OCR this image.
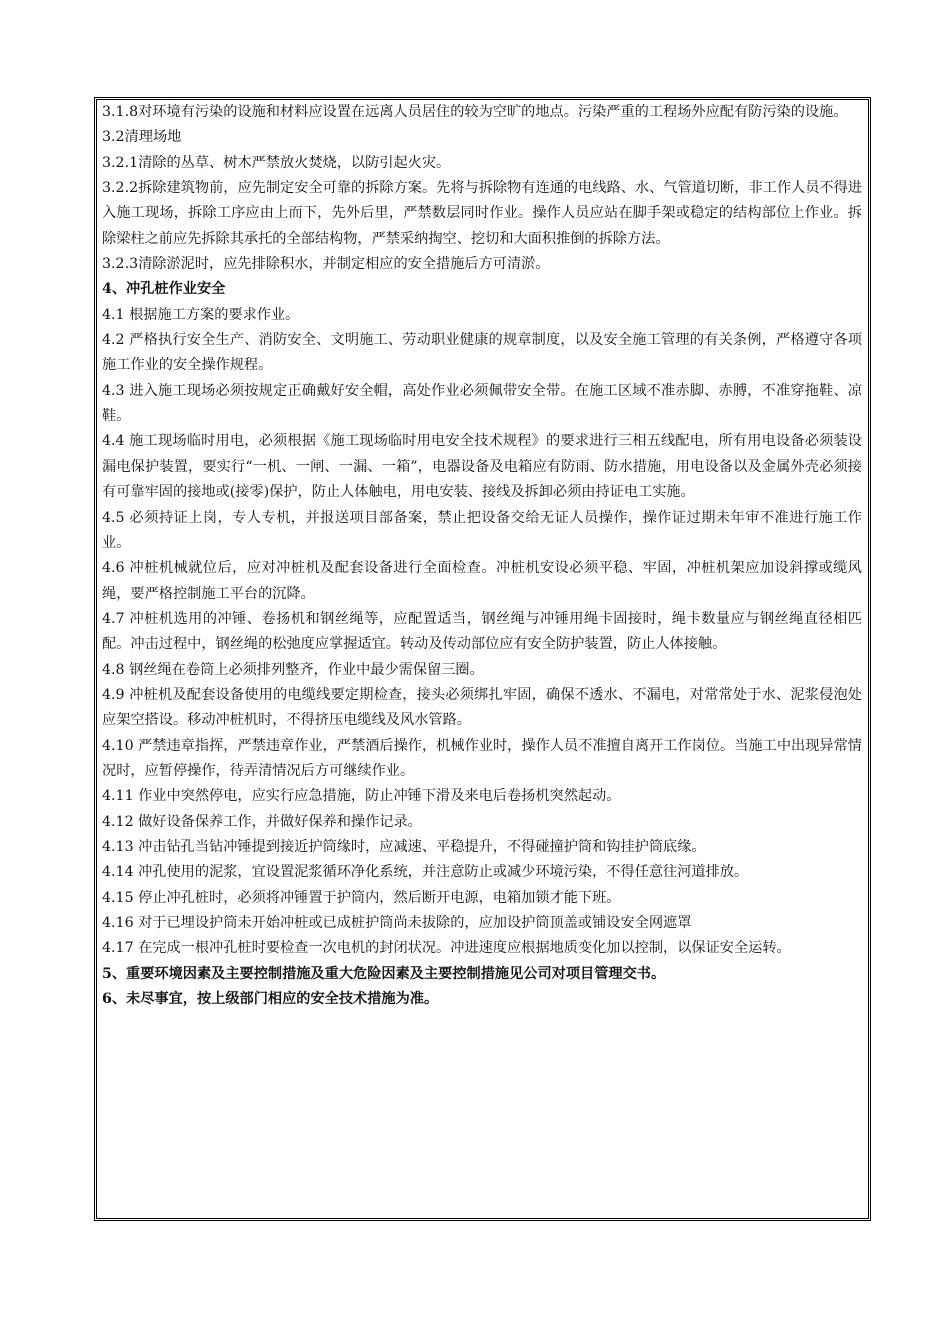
3.1.8对环境有污染的设施和材料应设置在远离人员居住的较为空旷的地点。污染严重的工程场外应配有防污染的设施。

3.2清理场地

3.2.1清除的丛草、树木严禁放火焚烧，以防引起火灾。

3.2.2拆除建筑物前，应先制定安全可靠的拆除方案。先将与拆除物有连通的电线路、水、气管道切断，非工作人员不得进入施工现场，拆除工序应由上而下，先外后里，严禁数层同时作业。操作人员应站在脚手架或稳定的结构部位上作业。拆除梁柱之前应先拆除其承托的全部结构物，严禁采纳掏空、挖切和大面积推倒的拆除方法。

3.2.3清除淤泥时，应先排除积水，并制定相应的安全措施后方可清淤。

4、冲孔桩作业安全

4.1 根据施工方案的要求作业。

4.2 严格执行安全生产、消防安全、文明施工、劳动职业健康的规章制度，以及安全施工管理的有关条例，严格遵守各项施工作业的安全操作规程。

4.3 进入施工现场必须按规定正确戴好安全帽，高处作业必须佩带安全带。在施工区域不准赤脚、赤膊，不准穿拖鞋、凉鞋。

4.4 施工现场临时用电，必须根据《施工现场临时用电安全技术规程》的要求进行三相五线配电，所有用电设备必须装设漏电保护装置，要实行“一机、一闸、一漏、一箱”，电器设备及电箱应有防雨、防水措施，用电设备以及金属外壳必须接有可靠牢固的接地或(接零)保护，防止人体触电，用电安装、接线及拆卸必须由持证电工实施。

4.5 必须持证上岗，专人专机，并报送项目部备案，禁止把设备交给无证人员操作，操作证过期未年审不准进行施工作业。

4.6 冲桩机械就位后，应对冲桩机及配套设备进行全面检查。冲桩机安设必须平稳、牢固，冲桩机架应加设斜撑或缆风绳，要严格控制施工平台的沉降。

4.7 冲桩机选用的冲锤、卷扬机和钢丝绳等，应配置适当，钢丝绳与冲锤用绳卡固接时，绳卡数量应与钢丝绳直径相匹配。冲击过程中，钢丝绳的松弛度应掌握适宜。转动及传动部位应有安全防护装置，防止人体接触。

4.8 钢丝绳在卷筒上必须排列整齐，作业中最少需保留三圈。

4.9 冲桩机及配套设备使用的电缆线要定期检查，接头必须绑扎牢固，确保不透水、不漏电，对常常处于水、泥浆侵泡处应架空搭设。移动冲桩机时，不得挤压电缆线及风水管路。

4.10 严禁违章指挥，严禁违章作业，严禁酒后操作，机械作业时，操作人员不准擅自离开工作岗位。当施工中出现异常情况时，应暂停操作，待弄清情况后方可继续作业。

4.11 作业中突然停电，应实行应急措施，防止冲锤下滑及来电后卷扬机突然起动。

4.12 做好设备保养工作，并做好保养和操作记录。

4.13 冲击钻孔当钻冲锤提到接近护筒缘时，应减速、平稳提升，不得碰撞护筒和钩挂护筒底缘。

4.14 冲孔使用的泥浆，宜设置泥浆循环净化系统，并注意防止或减少环境污染，不得任意往河道排放。

4.15 停止冲孔桩时，必须将冲锤置于护筒内，然后断开电源，电箱加锁才能下班。

4.16 对于已埋设护筒未开始冲桩或已成桩护筒尚未拔除的，应加设护筒顶盖或铺设安全网遮罩

4.17 在完成一根冲孔桩时要检查一次电机的封闭状况。冲进速度应根据地质变化加以控制，以保证安全运转。

5、重要环境因素及主要控制措施及重大危险因素及主要控制措施见公司对项目管理交书。

6、未尽事宜，按上级部门相应的安全技术措施为准。
